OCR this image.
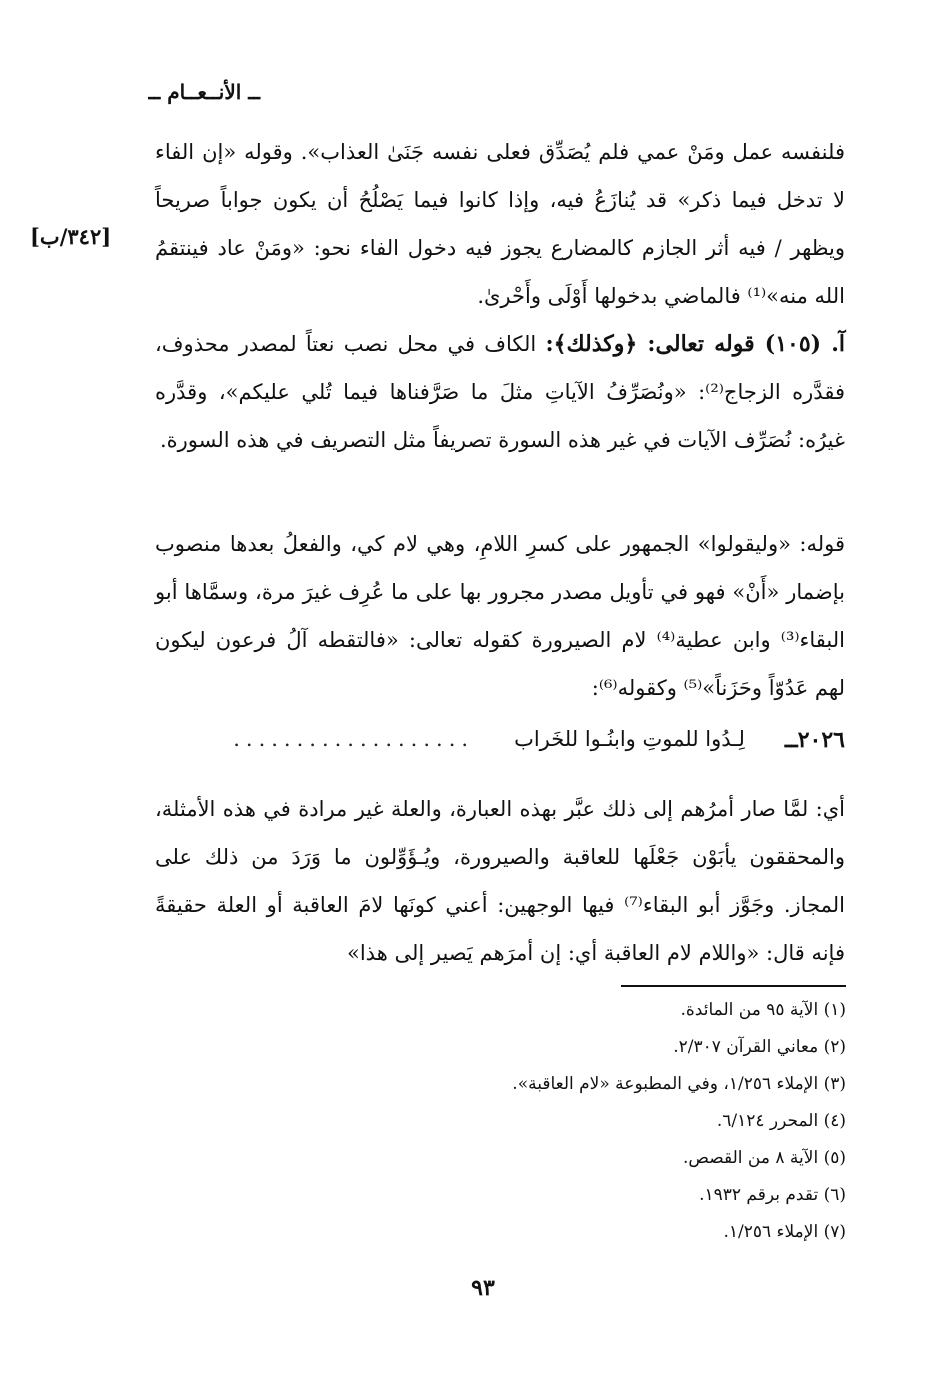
ــ الأنــعــام ــ
[٣٤٢/ب]
فلنفسه عمل ومَنْ عمي فلم يُصَدِّق فعلى نفسه جَنَىٰ العذاب». وقوله «إن الفاء لا تدخل فيما ذكر» قد يُنازَعُ فيه، وإذا كانوا فيما يَصْلُحُ أن يكون جواباً صريحاً ويظهر / فيه أثر الجازم كالمضارع يجوز فيه دخول الفاء نحو: «ومَنْ عاد فينتقمُ الله منه»⁽¹⁾ فالماضي بدخولها أَوْلَى وأَحْرىٰ.
آ. (١٠٥) قوله تعالى: ﴿وكذلك﴾: الكاف في محل نصب نعتاً لمصدر محذوف، فقدَّره الزجاج⁽²⁾: «ونُصَرِّفُ الآياتِ مثلَ ما صَرَّفناها فيما تُلي عليكم»، وقدَّره غيرُه: نُصَرِّف الآيات في غير هذه السورة تصريفاً مثل التصريف في هذه السورة.
قوله: «وليقولوا» الجمهور على كسرِ اللامِ، وهي لام كي، والفعلُ بعدها منصوب بإضمار «أَنْ» فهو في تأويل مصدر مجرور بها على ما عُرِف غيرَ مرة، وسمَّاها أبو البقاء⁽³⁾ وابن عطية⁽⁴⁾ لام الصيرورة كقوله تعالى: «فالتقطه آلُ فرعون ليكون لهم عَدُوّاً وحَزَناً»⁽⁵⁾ وكقوله⁽⁶⁾:
٢٠٢٦ــ
لِـدُوا للموتِ وابنُـوا للخَراب
...................
أي: لمَّا صار أمرُهم إلى ذلك عبَّر بهذه العبارة، والعلة غير مرادة في هذه الأمثلة، والمحققون يأبَوْن جَعْلَها للعاقبة والصيرورة، ويُـؤَوِّلون ما وَرَدَ من ذلك على المجاز. وجَوَّز أبو البقاء⁽⁷⁾ فيها الوجهين: أعني كونَها لامَ العاقبة أو العلة حقيقةً فإنه قال: «واللام لام العاقبة أي: إن أمرَهم يَصير إلى هذا»
(١) الآية ٩٥ من المائدة.
(٢) معاني القرآن ٢/٣٠٧.
(٣) الإملاء ١/٢٥٦، وفي المطبوعة «لام العاقبة».
(٤) المحرر ٦/١٢٤.
(٥) الآية ٨ من القصص.
(٦) تقدم برقم ١٩٣٢.
(٧) الإملاء ١/٢٥٦.
٩٣
